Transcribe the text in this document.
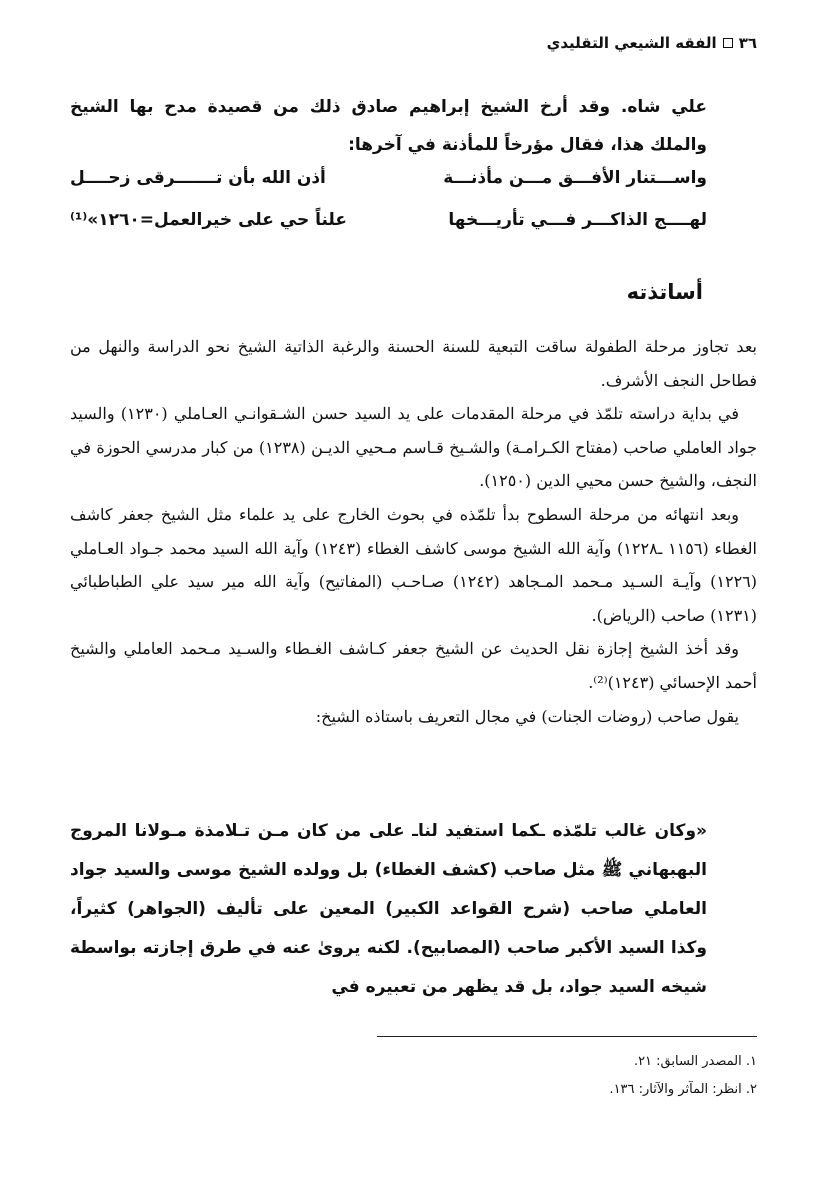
٣٦
الفقه الشيعي التقليدي
علي شاه. وقد أرخ الشيخ إبراهيم صادق ذلك من قصيدة مدح بها الشيخ والملك هذا، فقال مؤرخاً للمأذنة في آخرها:
واســـتنار الأفـــق مـــن مأذنـــة
أذن الله بأن تـــــــرقى زحــــل
لهــــج الذاكـــر فـــي تأريـــخها
علناً حي على خيرالعمل=١٢٦٠»⁽¹⁾
أساتذته

بعد تجاوز مرحلة الطفولة ساقت التبعية للسنة الحسنة والرغبة الذاتية الشيخ نحو الدراسة والنهل من فطاحل النجف الأشرف.

في بداية دراسته تلمّذ في مرحلة المقدمات على يد السيد حسن الشـقوانـي العـاملي (١٢٣٠) والسيد جواد العاملي صاحب (مفتاح الكـرامـة) والشـيخ قـاسم مـحيي الديـن (١٢٣٨) من كبار مدرسي الحوزة في النجف، والشيخ حسن محيي الدين (١٢٥٠).

وبعد انتهائه من مرحلة السطوح بدأ تلمّذه في بحوث الخارج على يد علماء مثل الشيخ جعفر كاشف الغطاء (١١٥٦ ـ١٢٢٨) وآية الله الشيخ موسى كاشف الغطاء (١٢٤٣) وآية الله السيد محمد جـواد العـاملي (١٢٢٦) وآيـة السـيد مـحمد المـجاهد (١٢٤٢) صـاحـب (المفاتيح) وآية الله مير سيد علي الطباطبائي (١٢٣١) صاحب (الرياض).

وقد أخذ الشيخ إجازة نقل الحديث عن الشيخ جعفر كـاشف الغـطاء والسـيد مـحمد العاملي والشيخ أحمد الإحسائي (١٢٤٣)⁽²⁾.

يقول صاحب (روضات الجنات) في مجال التعريف باستاذه الشيخ:

«وكان غالب تلمّذه ـكما استفيد لناـ على من كان مـن تـلامذة مـولانا المروج البهبهاني ﷺ مثل صاحب (كشف الغطاء) بل وولده الشيخ موسى والسيد جواد العاملي صاحب (شرح القواعد الكبير) المعين على تأليف (الجواهر) كثيراً، وكذا السيد الأكبر صاحب (المصابيح). لكنه يروىٰ عنه في طرق إجازته بواسطة شيخه السيد جواد، بل قد يظهر من تعبيره في

١. المصدر السابق: ٢١.
٢. انظر: المآثر والآثار: ١٣٦.
